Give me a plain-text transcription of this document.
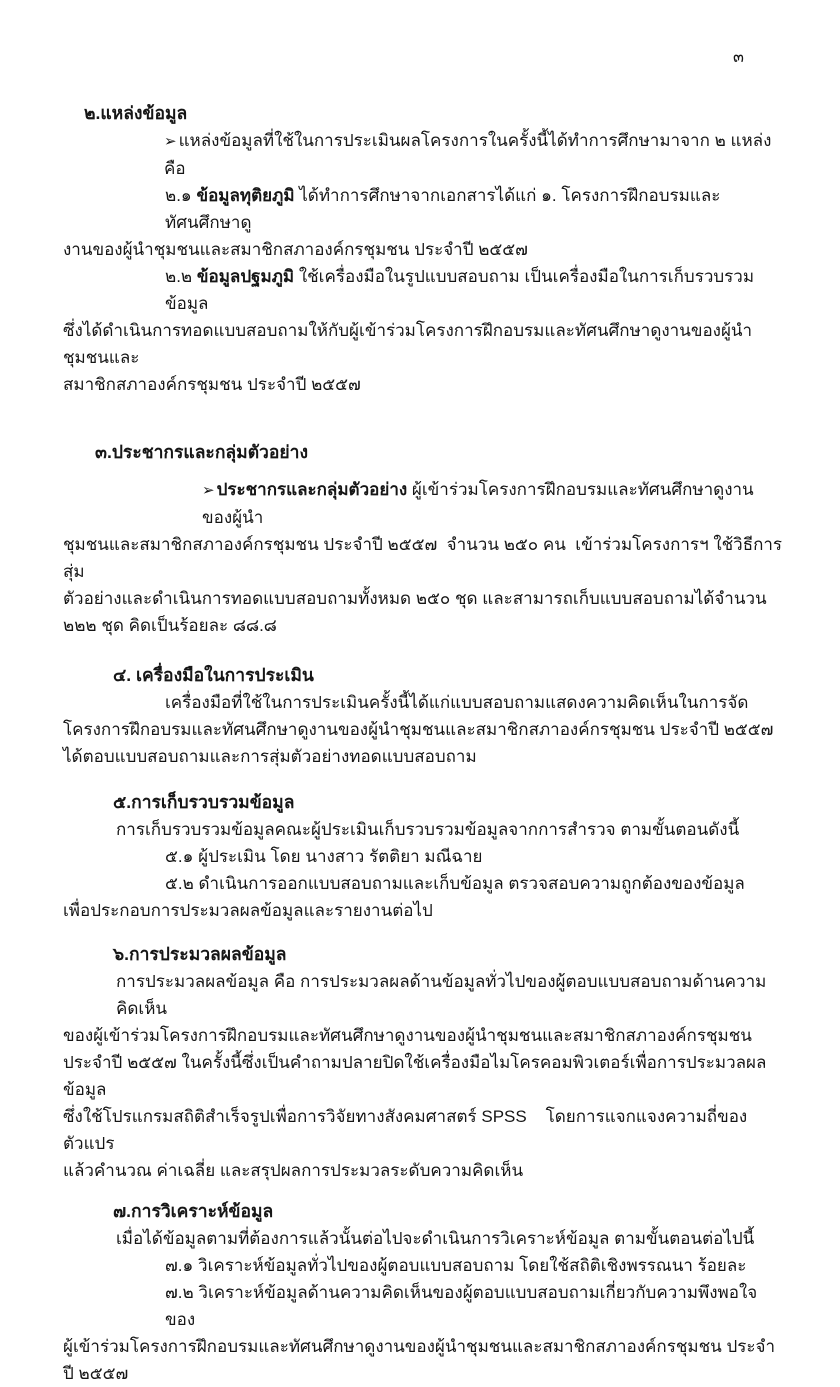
๓
๒.แหล่งข้อมูล
➢ แหล่งข้อมูลที่ใช้ในการประเมินผลโครงการในครั้งนี้ได้ทำการศึกษามาจาก ๒ แหล่ง คือ
๒.๑ ข้อมูลทุติยภูมิ ได้ทำการศึกษาจากเอกสารได้แก่ ๑. โครงการฝึกอบรมและทัศนศึกษาดู
งานของผู้นำชุมชนและสมาชิกสภาองค์กรชุมชน ประจำปี ๒๕๕๗
๒.๒ ข้อมูลปฐมภูมิ ใช้เครื่องมือในรูปแบบสอบถาม เป็นเครื่องมือในการเก็บรวบรวมข้อมูล
ซึ่งได้ดำเนินการทอดแบบสอบถามให้กับผู้เข้าร่วมโครงการฝึกอบรมและทัศนศึกษาดูงานของผู้นำชุมชนและ
สมาชิกสภาองค์กรชุมชน ประจำปี ๒๕๕๗
๓.ประชากรและกลุ่มตัวอย่าง
➢ ประชากรและกลุ่มตัวอย่าง ผู้เข้าร่วมโครงการฝึกอบรมและทัศนศึกษาดูงานของผู้นำ
ชุมชนและสมาชิกสภาองค์กรชุมชน ประจำปี ๒๕๕๗  จำนวน ๒๕๐ คน  เข้าร่วมโครงการฯ ใช้วิธีการสุ่ม
ตัวอย่างและดำเนินการทอดแบบสอบถามทั้งหมด ๒๕๐ ชุด และสามารถเก็บแบบสอบถามได้จำนวน
๒๒๒ ชุด คิดเป็นร้อยละ ๘๘.๘
๔. เครื่องมือในการประเมิน
เครื่องมือที่ใช้ในการประเมินครั้งนี้ได้แก่แบบสอบถามแสดงความคิดเห็นในการจัด
โครงการฝึกอบรมและทัศนศึกษาดูงานของผู้นำชุมชนและสมาชิกสภาองค์กรชุมชน ประจำปี ๒๕๕๗
ได้ตอบแบบสอบถามและการสุ่มตัวอย่างทอดแบบสอบถาม
๕.การเก็บรวบรวมข้อมูล
การเก็บรวบรวมข้อมูลคณะผู้ประเมินเก็บรวบรวมข้อมูลจากการสำรวจ ตามขั้นตอนดังนี้
๕.๑ ผู้ประเมิน โดย นางสาว รัตติยา มณีฉาย
๕.๒ ดำเนินการออกแบบสอบถามและเก็บข้อมูล ตรวจสอบความถูกต้องของข้อมูล
เพื่อประกอบการประมวลผลข้อมูลและรายงานต่อไป
๖.การประมวลผลข้อมูล
การประมวลผลข้อมูล คือ การประมวลผลด้านข้อมูลทั่วไปของผู้ตอบแบบสอบถามด้านความคิดเห็น
ของผู้เข้าร่วมโครงการฝึกอบรมและทัศนศึกษาดูงานของผู้นำชุมชนและสมาชิกสภาองค์กรชุมชน
ประจำปี ๒๕๕๗ ในครั้งนี้ซึ่งเป็นคำถามปลายปิดใช้เครื่องมือไมโครคอมพิวเตอร์เพื่อการประมวลผลข้อมูล
ซึ่งใช้โปรแกรมสถิติสำเร็จรูปเพื่อการวิจัยทางสังคมศาสตร์ SPSS    โดยการแจกแจงความถี่ของตัวแปร
แล้วคำนวณ ค่าเฉลี่ย และสรุปผลการประมวลระดับความคิดเห็น
๗.การวิเคราะห์ข้อมูล
เมื่อได้ข้อมูลตามที่ต้องการแล้วนั้นต่อไปจะดำเนินการวิเคราะห์ข้อมูล ตามขั้นตอนต่อไปนี้
๗.๑ วิเคราะห์ข้อมูลทั่วไปของผู้ตอบแบบสอบถาม โดยใช้สถิติเชิงพรรณนา ร้อยละ
๗.๒ วิเคราะห์ข้อมูลด้านความคิดเห็นของผู้ตอบแบบสอบถามเกี่ยวกับความพึงพอใจของ
ผู้เข้าร่วมโครงการฝึกอบรมและทัศนศึกษาดูงานของผู้นำชุมชนและสมาชิกสภาองค์กรชุมชน ประจำปี ๒๕๕๗
